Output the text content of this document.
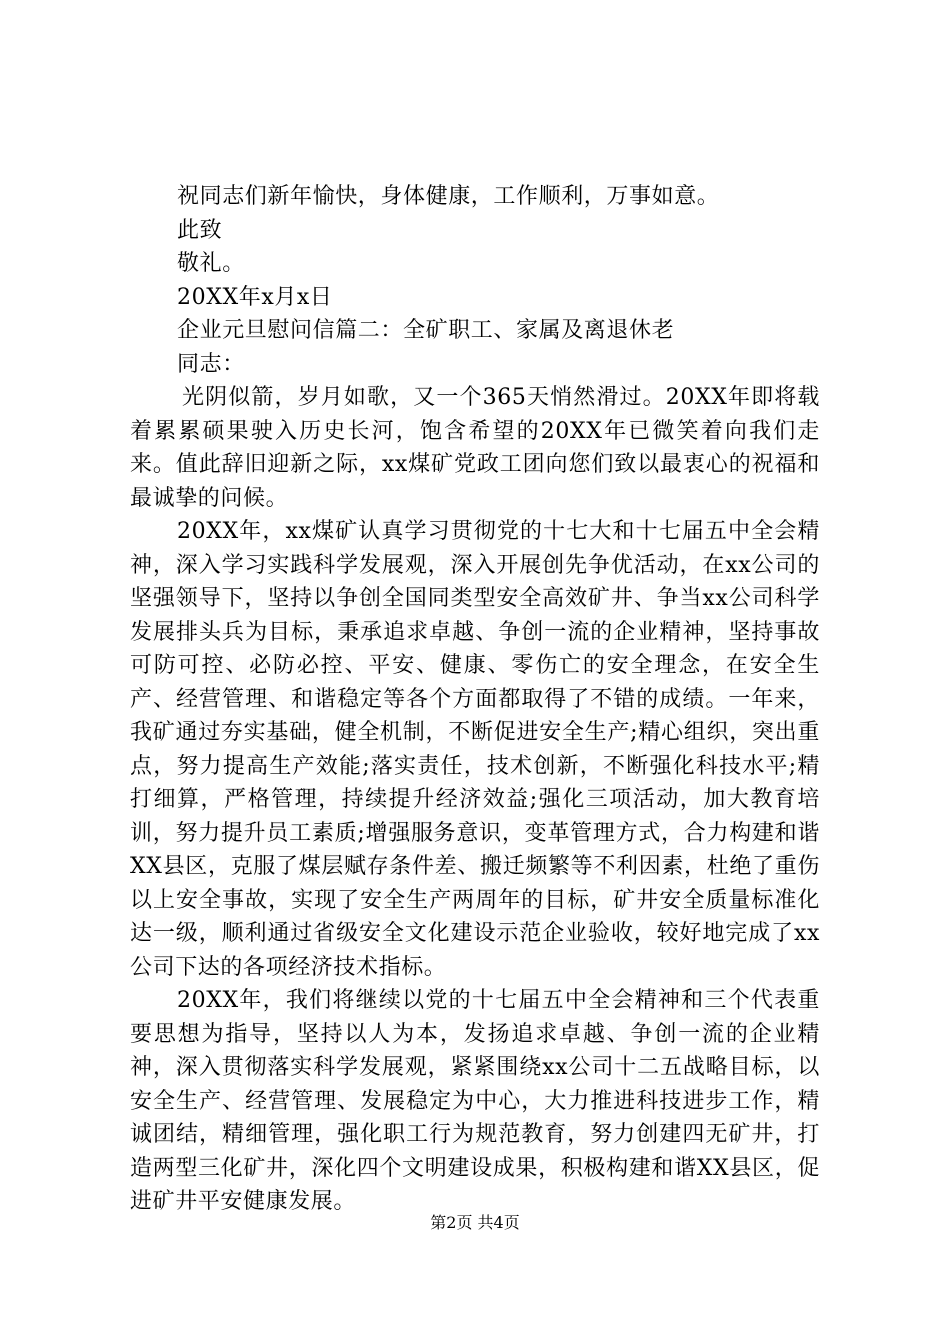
祝同志们新年愉快，身体健康，工作顺利，万事如意。

此致

敬礼。

20XX年x月x日

企业元旦慰问信篇二：全矿职工、家属及离退休老

同志：

光阴似箭，岁月如歌，又一个365天悄然滑过。20XX年即将载着累累硕果驶入历史长河，饱含希望的20XX年已微笑着向我们走来。值此辞旧迎新之际，xx煤矿党政工团向您们致以最衷心的祝福和最诚挚的问候。

20XX年，xx煤矿认真学习贯彻党的十七大和十七届五中全会精神，深入学习实践科学发展观，深入开展创先争优活动，在xx公司的坚强领导下，坚持以争创全国同类型安全高效矿井、争当xx公司科学发展排头兵为目标，秉承追求卓越、争创一流的企业精神，坚持事故可防可控、必防必控、平安、健康、零伤亡的安全理念，在安全生产、经营管理、和谐稳定等各个方面都取得了不错的成绩。一年来，我矿通过夯实基础，健全机制，不断促进安全生产;精心组织，突出重点，努力提高生产效能;落实责任，技术创新，不断强化科技水平;精打细算，严格管理，持续提升经济效益;强化三项活动，加大教育培训，努力提升员工素质;增强服务意识，变革管理方式，合力构建和谐XX县区，克服了煤层赋存条件差、搬迁频繁等不利因素，杜绝了重伤以上安全事故，实现了安全生产两周年的目标，矿井安全质量标准化达一级，顺利通过省级安全文化建设示范企业验收，较好地完成了xx公司下达的各项经济技术指标。

20XX年，我们将继续以党的十七届五中全会精神和三个代表重要思想为指导，坚持以人为本，发扬追求卓越、争创一流的企业精神，深入贯彻落实科学发展观，紧紧围绕xx公司十二五战略目标，以安全生产、经营管理、发展稳定为中心，大力推进科技进步工作，精诚团结，精细管理，强化职工行为规范教育，努力创建四无矿井，打造两型三化矿井，深化四个文明建设成果，积极构建和谐XX县区，促进矿井平安健康发展。

第2页 共4页
